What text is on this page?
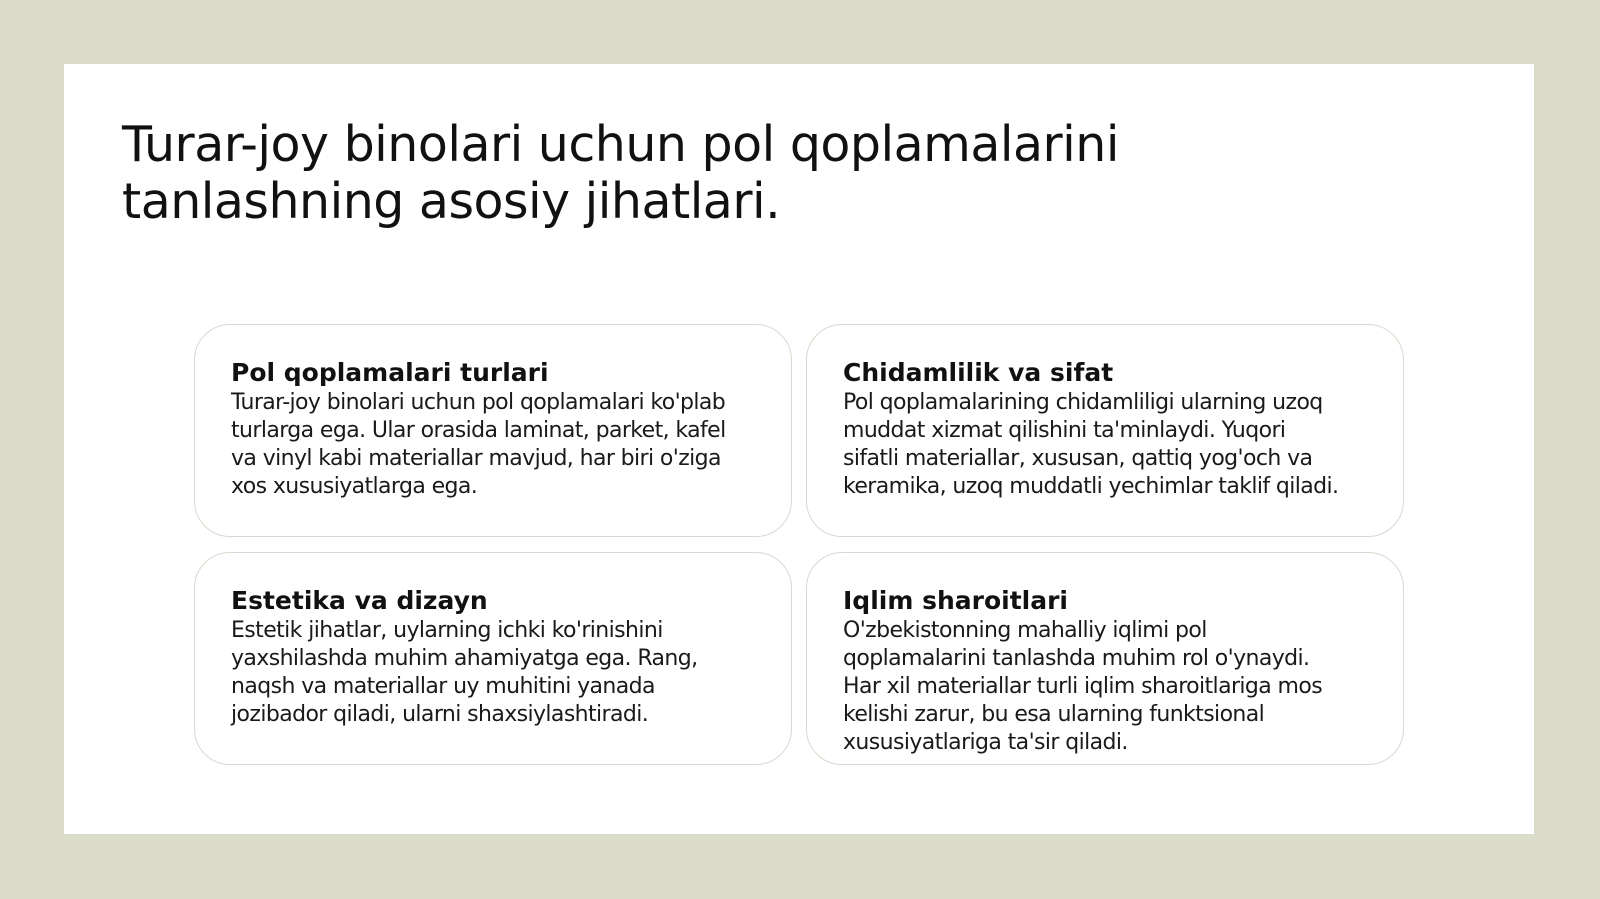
Turar-joy binolari uchun pol qoplamalarini
tanlashning asosiy jihatlari.
Pol qoplamalari turlari

Turar-joy binolari uchun pol qoplamalari ko'plab
turlarga ega. Ular orasida laminat, parket, kafel
va vinyl kabi materiallar mavjud, har biri o'ziga
xos xususiyatlarga ega.

Chidamlilik va sifat

Pol qoplamalarining chidamliligi ularning uzoq
muddat xizmat qilishini ta'minlaydi. Yuqori
sifatli materiallar, xususan, qattiq yog'och va
keramika, uzoq muddatli yechimlar taklif qiladi.

Estetika va dizayn

Estetik jihatlar, uylarning ichki ko'rinishini
yaxshilashda muhim ahamiyatga ega. Rang,
naqsh va materiallar uy muhitini yanada
jozibador qiladi, ularni shaxsiylashtiradi.

Iqlim sharoitlari

O'zbekistonning mahalliy iqlimi pol
qoplamalarini tanlashda muhim rol o'ynaydi.
Har xil materiallar turli iqlim sharoitlariga mos
kelishi zarur, bu esa ularning funktsional
xususiyatlariga ta'sir qiladi.
